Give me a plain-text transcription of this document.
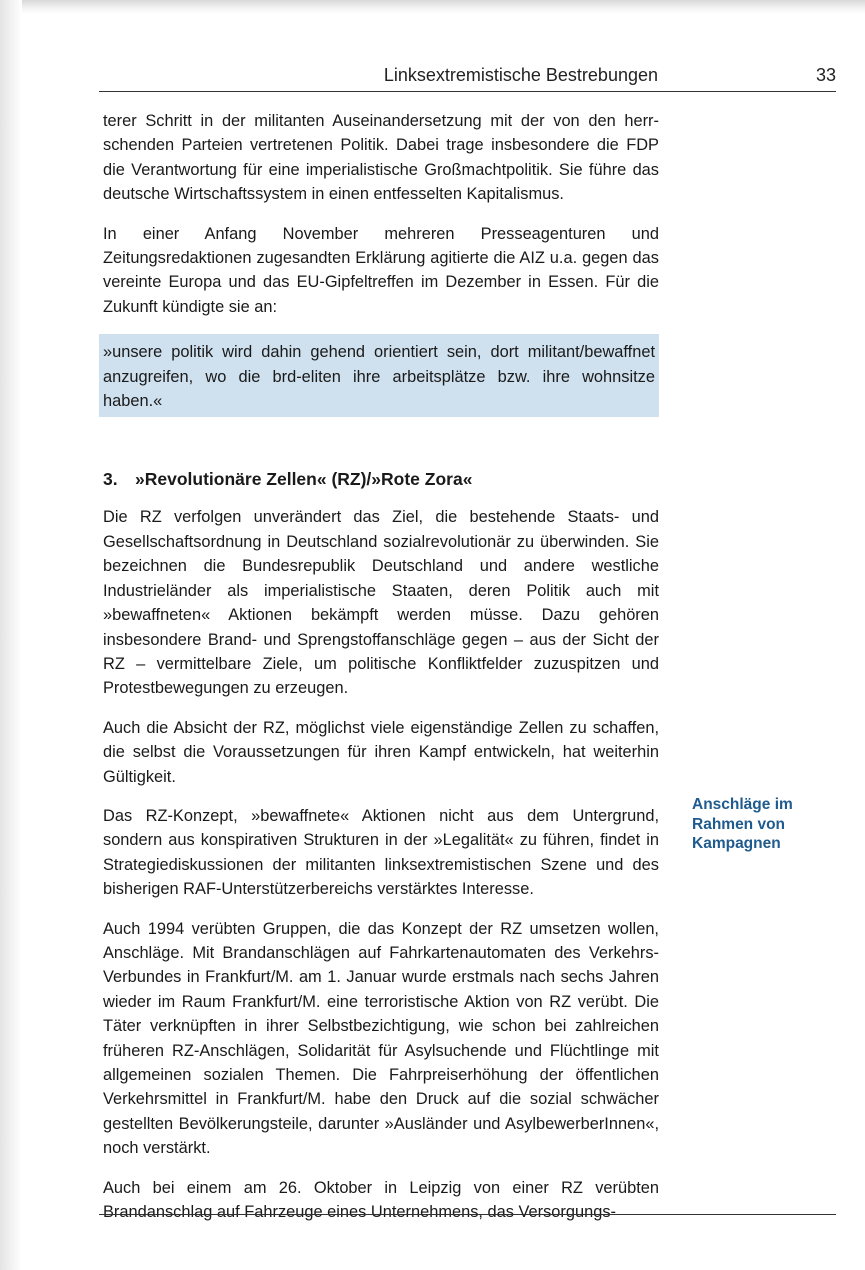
Linksextremistische Bestrebungen	33

terer Schritt in der militanten Auseinandersetzung mit der von den herrschenden Parteien vertretenen Politik. Dabei trage insbesondere die FDP die Verantwortung für eine imperialistische Großmachtpolitik. Sie führe das deutsche Wirtschaftssystem in einen entfesselten Kapitalismus.

In einer Anfang November mehreren Presseagenturen und Zeitungsredaktionen zugesandten Erklärung agitierte die AIZ u.a. gegen das vereinte Europa und das EU-Gipfeltreffen im Dezember in Essen. Für die Zukunft kündigte sie an:

»unsere politik wird dahin gehend orientiert sein, dort militant/bewaffnet anzugreifen, wo die brd-eliten ihre arbeitsplätze bzw. ihre wohnsitze haben.«
3. »Revolutionäre Zellen« (RZ)/»Rote Zora«

Die RZ verfolgen unverändert das Ziel, die bestehende Staats- und Gesellschaftsordnung in Deutschland sozialrevolutionär zu überwinden. Sie bezeichnen die Bundesrepublik Deutschland und andere westliche Industrieländer als imperialistische Staaten, deren Politik auch mit »bewaffneten« Aktionen bekämpft werden müsse. Dazu gehören insbesondere Brand- und Sprengstoffanschläge gegen – aus der Sicht der RZ – vermittelbare Ziele, um politische Konfliktfelder zuzuspitzen und Protestbewegungen zu erzeugen.

Auch die Absicht der RZ, möglichst viele eigenständige Zellen zu schaffen, die selbst die Voraussetzungen für ihren Kampf entwickeln, hat weiterhin Gültigkeit.

Das RZ-Konzept, »bewaffnete« Aktionen nicht aus dem Untergrund, sondern aus konspirativen Strukturen in der »Legalität« zu führen, findet in Strategiediskussionen der militanten linksextremistischen Szene und des bisherigen RAF-Unterstützerbereichs verstärktes Interesse.

Auch 1994 verübten Gruppen, die das Konzept der RZ umsetzen wollen, Anschläge. Mit Brandanschlägen auf Fahrkartenautomaten des Verkehrs-Verbundes in Frankfurt/M. am 1. Januar wurde erstmals nach sechs Jahren wieder im Raum Frankfurt/M. eine terroristische Aktion von RZ verübt. Die Täter verknüpften in ihrer Selbstbezichtigung, wie schon bei zahlreichen früheren RZ-Anschlägen, Solidarität für Asylsuchende und Flüchtlinge mit allgemeinen sozialen Themen. Die Fahrpreiserhöhung der öffentlichen Verkehrsmittel in Frankfurt/M. habe den Druck auf die sozial schwächer gestellten Bevölkerungsteile, darunter »Ausländer und AsylbewerberInnen«, noch verstärkt.

Auch bei einem am 26. Oktober in Leipzig von einer RZ verübten Brandanschlag auf Fahrzeuge eines Unternehmens, das Versorgungs-

Anschläge im
Rahmen von
Kampagnen
